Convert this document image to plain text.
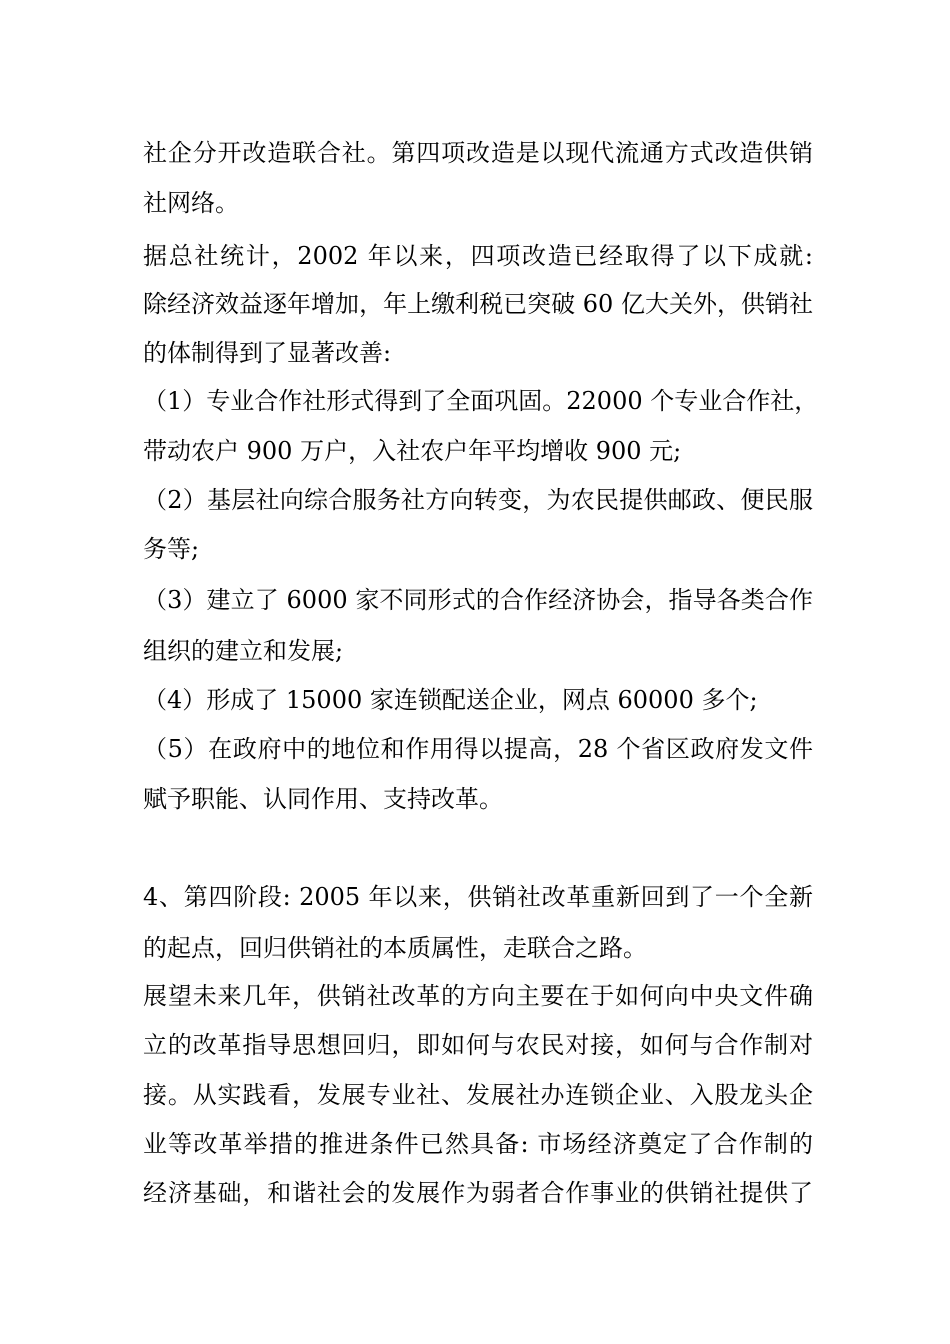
社企分开改造联合社。第四项改造是以现代流通方式改造供销
社网络。
据总社统计，2002 年以来，四项改造已经取得了以下成就:
除经济效益逐年增加，年上缴利税已突破 60 亿大关外，供销社
的体制得到了显著改善:
（1）专业合作社形式得到了全面巩固。22000 个专业合作社，
带动农户 900 万户，入社农户年平均增收 900 元;
（2）基层社向综合服务社方向转变，为农民提供邮政、便民服
务等;
（3）建立了 6000 家不同形式的合作经济协会，指导各类合作
组织的建立和发展;
（4）形成了 15000 家连锁配送企业，网点 60000 多个;
（5）在政府中的地位和作用得以提高，28 个省区政府发文件
赋予职能、认同作用、支持改革。
4、第四阶段: 2005 年以来，供销社改革重新回到了一个全新
的起点，回归供销社的本质属性，走联合之路。
展望未来几年，供销社改革的方向主要在于如何向中央文件确
立的改革指导思想回归，即如何与农民对接，如何与合作制对
接。从实践看，发展专业社、发展社办连锁企业、入股龙头企
业等改革举措的推进条件已然具备: 市场经济奠定了合作制的
经济基础，和谐社会的发展作为弱者合作事业的供销社提供了
